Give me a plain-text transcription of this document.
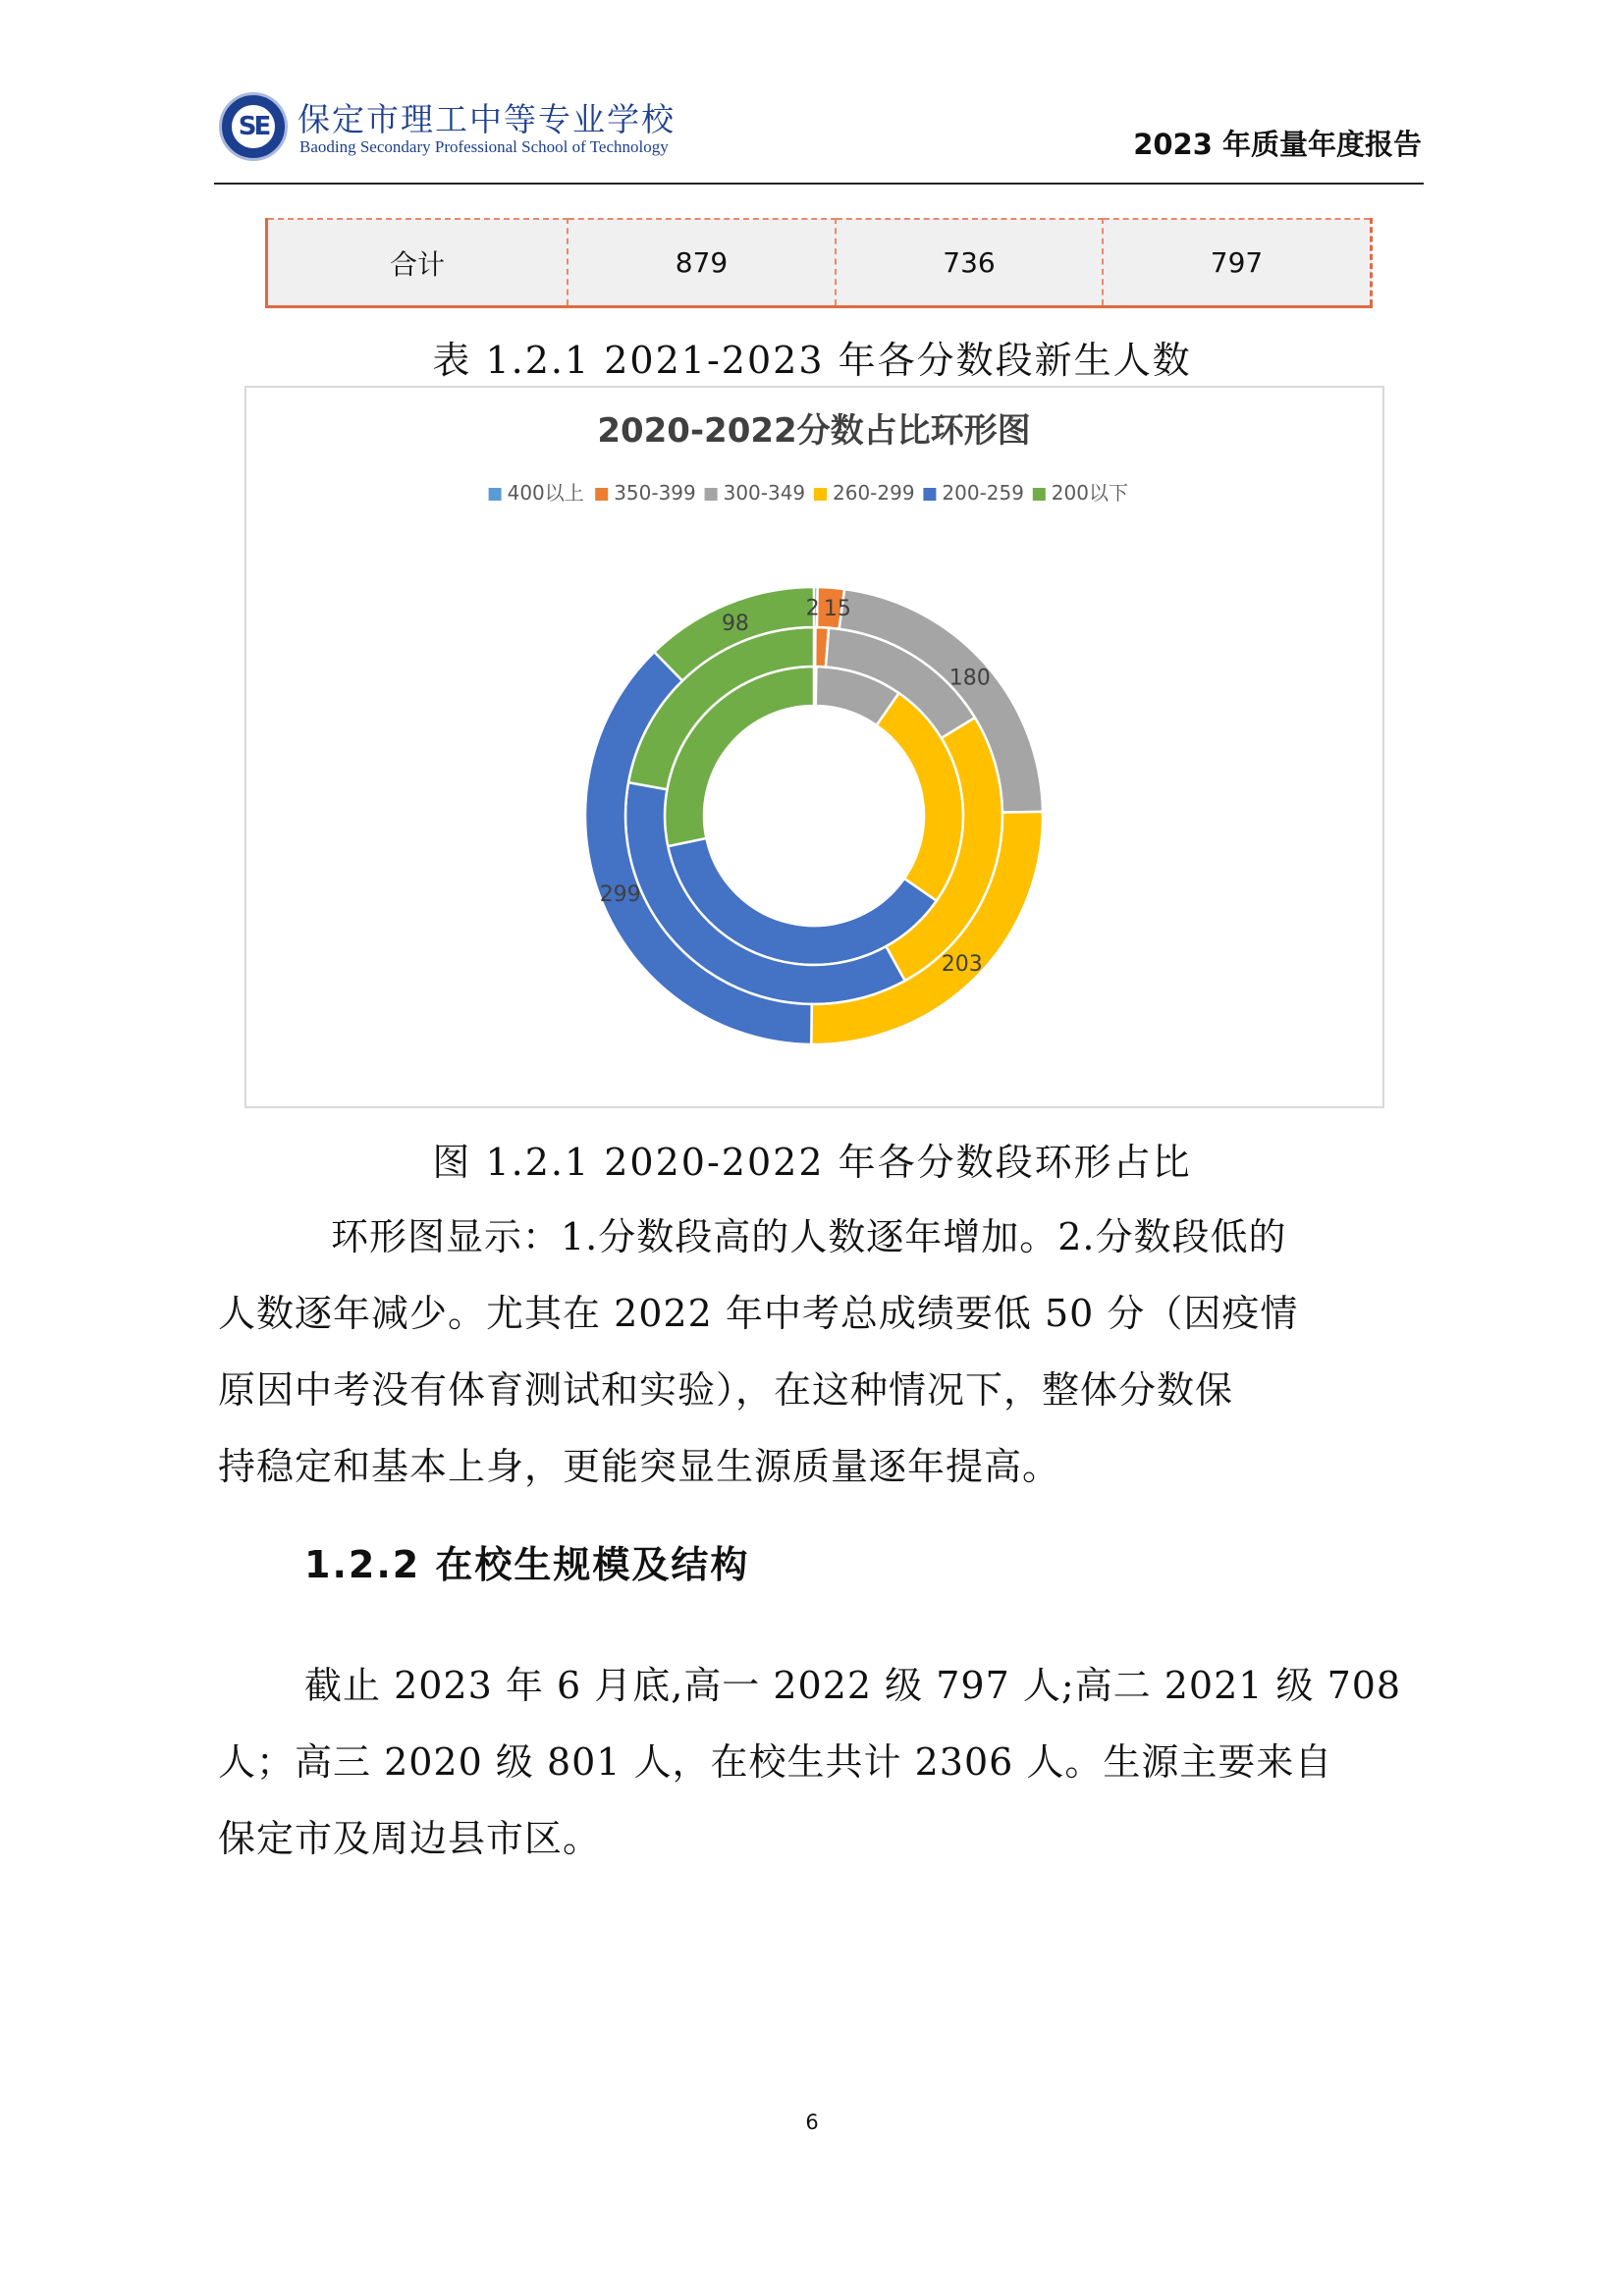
SE 保定市理工中等专业学校
Baoding Secondary Professional School of Technology	2023 年质量年度报告
合计	879	736	797
表 1.2.1 2021-2023 年各分数段新生人数
2020-2022分数占比环形图
400以上 350-399 300-349 260-299 200-259 200以下
2 15
180
203
299
98
图 1.2.1 2020-2022 年各分数段环形占比

环形图显示：1.分数段高的人数逐年增加。2.分数段低的

人数逐年减少。尤其在 2022 年中考总成绩要低 50 分（因疫情

原因中考没有体育测试和实验），在这种情况下，整体分数保

持稳定和基本上身，更能突显生源质量逐年提高。

1.2.2 在校生规模及结构

截止 2023 年 6 月底,高一 2022 级 797 人;高二 2021 级 708

人；高三 2020 级 801 人，在校生共计 2306 人。生源主要来自

保定市及周边县市区。

6
